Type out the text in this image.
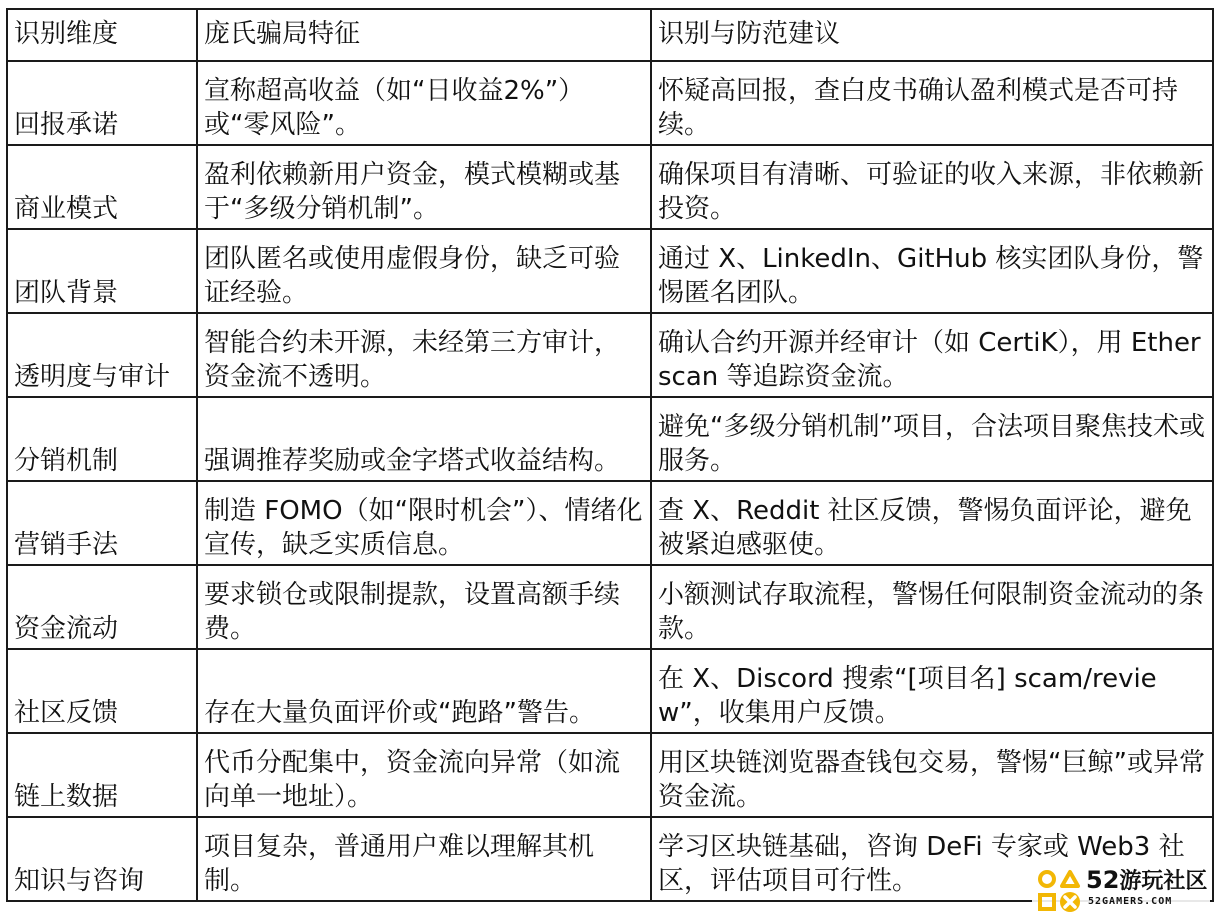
识别维度	庞氏骗局特征	识别与防范建议
回报承诺	宣称超高收益（如“日收益2%”）或“零风险”。	怀疑高回报，查白皮书确认盈利模式是否可持续。
商业模式	盈利依赖新用户资金，模式模糊或基于“多级分销机制”。	确保项目有清晰、可验证的收入来源，非依赖新投资。
团队背景	团队匿名或使用虚假身份，缺乏可验证经验。	通过 X、LinkedIn、GitHub 核实团队身份，警惕匿名团队。
透明度与审计	智能合约未开源，未经第三方审计，资金流不透明。	确认合约开源并经审计（如 CertiK），用 Etherscan 等追踪资金流。
分销机制	强调推荐奖励或金字塔式收益结构。	避免“多级分销机制”项目，合法项目聚焦技术或服务。
营销手法	制造 FOMO（如“限时机会”）、情绪化宣传，缺乏实质信息。	查 X、Reddit 社区反馈，警惕负面评论，避免被紧迫感驱使。
资金流动	要求锁仓或限制提款，设置高额手续费。	小额测试存取流程，警惕任何限制资金流动的条款。
社区反馈	存在大量负面评价或“跑路”警告。	在 X、Discord 搜索“[项目名] scam/review”，收集用户反馈。
链上数据	代币分配集中，资金流向异常（如流向单一地址）。	用区块链浏览器查钱包交易，警惕“巨鲸”或异常资金流。
知识与咨询	项目复杂，普通用户难以理解其机制。	学习区块链基础，咨询 DeFi 专家或 Web3 社区，评估项目可行性。	52游玩社区
52GAMERS.COM
